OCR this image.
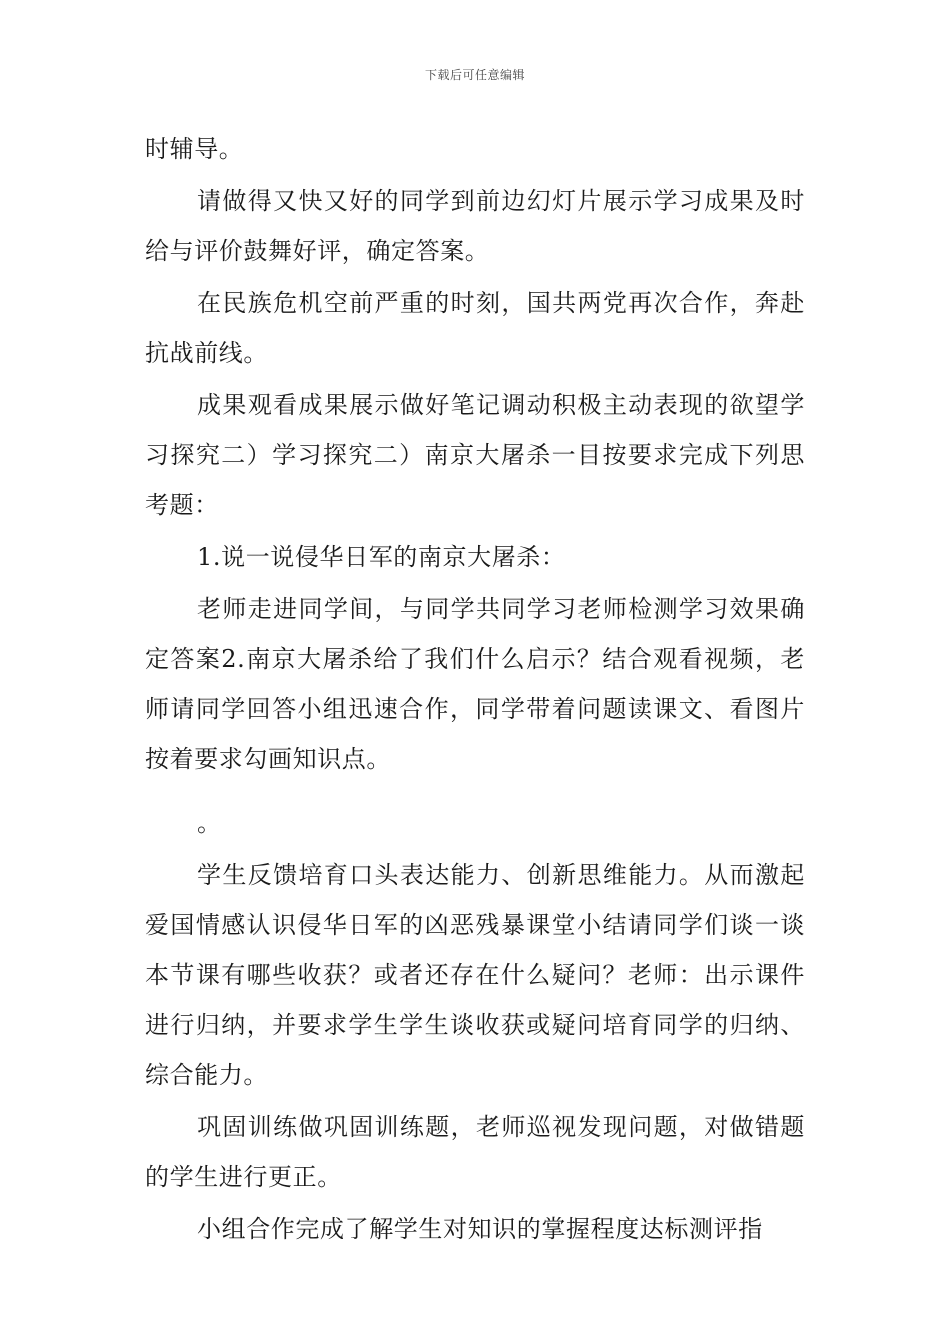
下载后可任意编辑

时辅导。

请做得又快又好的同学到前边幻灯片展示学习成果及时给与评价鼓舞好评，确定答案。

在民族危机空前严重的时刻，国共两党再次合作，奔赴抗战前线。

成果观看成果展示做好笔记调动积极主动表现的欲望学习探究二）学习探究二）南京大屠杀一目按要求完成下列思考题：

1.说一说侵华日军的南京大屠杀：

老师走进同学间，与同学共同学习老师检测学习效果确定答案2.南京大屠杀给了我们什么启示？结合观看视频，老师请同学回答小组迅速合作，同学带着问题读课文、看图片按着要求勾画知识点。

。

学生反馈培育口头表达能力、创新思维能力。从而激起爱国情感认识侵华日军的凶恶残暴课堂小结请同学们谈一谈本节课有哪些收获？或者还存在什么疑问？老师：出示课件进行归纳，并要求学生学生谈收获或疑问培育同学的归纳、综合能力。

巩固训练做巩固训练题，老师巡视发现问题，对做错题的学生进行更正。

小组合作完成了解学生对知识的掌握程度达标测评指
